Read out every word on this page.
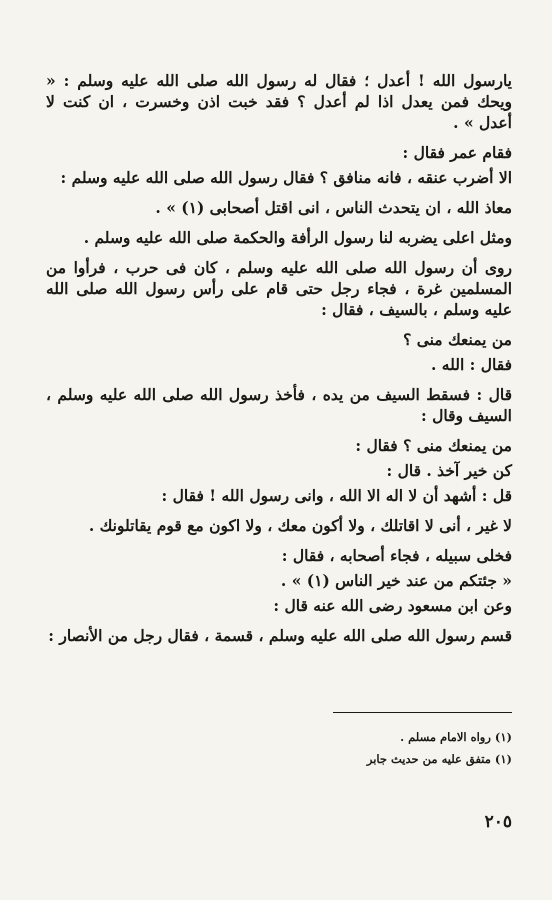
يارسول الله ! أعدل ؛ فقال له رسول الله صلى الله عليه وسلم : « ويحك فمن يعدل اذا لم أعدل ؟ فقد خبت اذن وخسرت ، ان كنت لا أعدل » .

فقام عمر فقال :

الا أضرب عنقه ، فانه منافق ؟ فقال رسول الله صلى الله عليه وسلم :

معاذ الله ، ان يتحدث الناس ، انى اقتل أصحابى (١) » .

ومثل اعلى يضربه لنا رسول الرأفة والحكمة صلى الله عليه وسلم .

روى أن رسول الله صلى الله عليه وسلم ، كان فى حرب ، فرأوا من المسلمين غرة ، فجاء رجل حتى قام على رأس رسول الله صلى الله عليه وسلم ، بالسيف ، فقال :

من يمنعك منى ؟

فقال : الله .

قال : فسقط السيف من يده ، فأخذ رسول الله صلى الله عليه وسلم ، السيف وقال :

من يمنعك منى ؟ فقال :

كن خير آخذ . قال :

قل : أشهد أن لا اله الا الله ، وانى رسول الله ! فقال :

لا غير ، أنى لا اقاتلك ، ولا أكون معك ، ولا اكون مع قوم يقاتلونك .

فخلى سبيله ، فجاء أصحابه ، فقال :

« جئتكم من عند خير الناس (١) » .

وعن ابن مسعود رضى الله عنه قال :

قسم رسول الله صلى الله عليه وسلم ، قسمة ، فقال رجل من الأنصار :

(١) رواه الامام مسلم .
(١) متفق عليه من حديث جابر
٢٠٥
